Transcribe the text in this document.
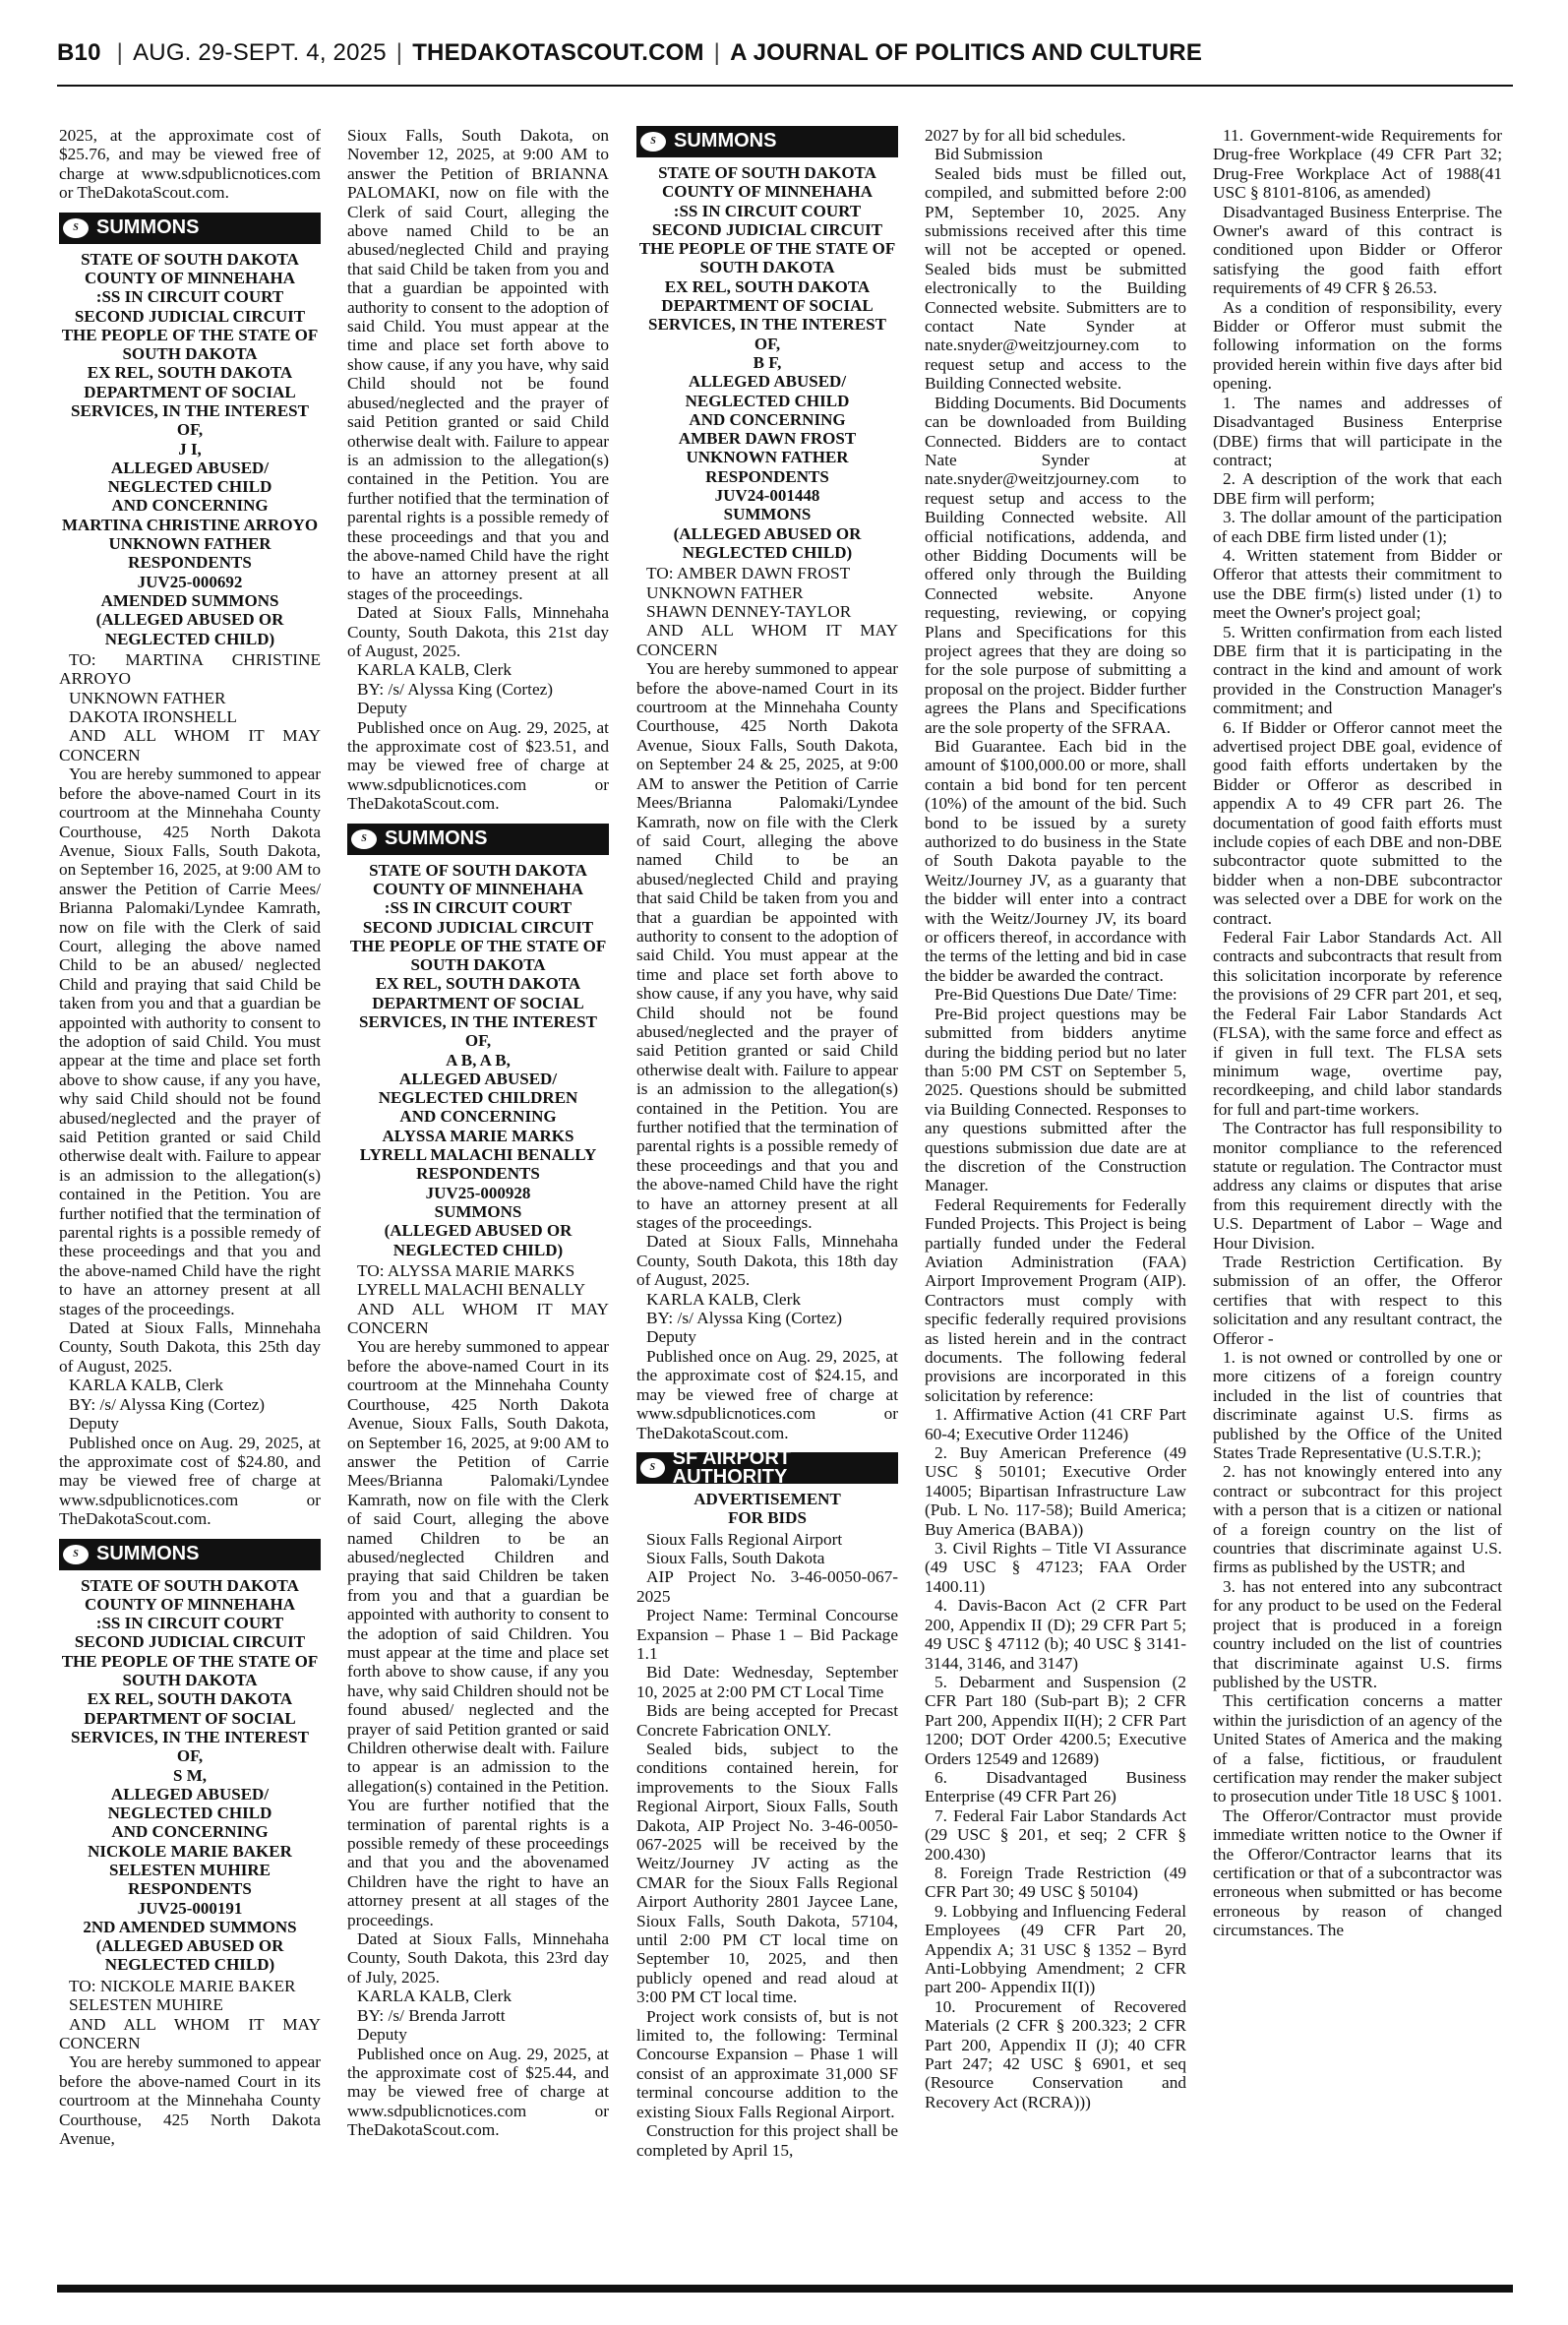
B10 | AUG. 29-SEPT. 4, 2025 | THEDAKOTASCOUT.COM | A JOURNAL OF POLITICS AND CULTURE

2025, at the approximate cost of $25.76, and may be viewed free of charge at www.sdpublicnotices.com or TheDakotaScout.com.

S SUMMONS
STATE OF SOUTH DAKOTA
COUNTY OF MINNEHAHA
:SS IN CIRCUIT COURT
SECOND JUDICIAL CIRCUIT
THE PEOPLE OF THE STATE OF SOUTH DAKOTA
EX REL, SOUTH DAKOTA DEPARTMENT OF SOCIAL SERVICES, IN THE INTEREST OF,
J I,
ALLEGED ABUSED/ NEGLECTED CHILD
AND CONCERNING
MARTINA CHRISTINE ARROYO
UNKNOWN FATHER
RESPONDENTS
JUV25-000692
AMENDED SUMMONS
(ALLEGED ABUSED OR NEGLECTED CHILD)

TO: MARTINA CHRISTINE ARROYO

UNKNOWN FATHER

DAKOTA IRONSHELL

AND ALL WHOM IT MAY CONCERN

You are hereby summoned to appear before the above-named Court in its courtroom at the Minnehaha County Courthouse, 425 North Dakota Avenue, Sioux Falls, South Dakota, on September 16, 2025, at 9:00 AM to answer the Petition of Carrie Mees/ Brianna Palomaki/Lyndee Kamrath, now on file with the Clerk of said Court, alleging the above named Child to be an abused/ neglected Child and praying that said Child be taken from you and that a guardian be appointed with authority to consent to the adoption of said Child. You must appear at the time and place set forth above to show cause, if any you have, why said Child should not be found abused/neglected and the prayer of said Petition granted or said Child otherwise dealt with. Failure to appear is an admission to the allegation(s) contained in the Petition. You are further notified that the termination of parental rights is a possible remedy of these proceedings and that you and the above-named Child have the right to have an attorney present at all stages of the proceedings.

Dated at Sioux Falls, Minnehaha County, South Dakota, this 25th day of August, 2025.

KARLA KALB, Clerk

BY: /s/ Alyssa King (Cortez)

Deputy

Published once on Aug. 29, 2025, at the approximate cost of $24.80, and may be viewed free of charge at www.sdpublicnotices.com or TheDakotaScout.com.

S SUMMONS
STATE OF SOUTH DAKOTA
COUNTY OF MINNEHAHA
:SS IN CIRCUIT COURT
SECOND JUDICIAL CIRCUIT
THE PEOPLE OF THE STATE OF SOUTH DAKOTA
EX REL, SOUTH DAKOTA DEPARTMENT OF SOCIAL SERVICES, IN THE INTEREST OF,
S M,
ALLEGED ABUSED/ NEGLECTED CHILD
AND CONCERNING
NICKOLE MARIE BAKER
SELESTEN MUHIRE
RESPONDENTS
JUV25-000191
2ND AMENDED SUMMONS
(ALLEGED ABUSED OR NEGLECTED CHILD)

TO: NICKOLE MARIE BAKER

SELESTEN MUHIRE

AND ALL WHOM IT MAY CONCERN

You are hereby summoned to appear before the above-named Court in its courtroom at the Minnehaha County Courthouse, 425 North Dakota Avenue,

Sioux Falls, South Dakota, on November 12, 2025, at 9:00 AM to answer the Petition of BRIANNA PALOMAKI, now on file with the Clerk of said Court, alleging the above named Child to be an abused/neglected Child and praying that said Child be taken from you and that a guardian be appointed with authority to consent to the adoption of said Child. You must appear at the time and place set forth above to show cause, if any you have, why said Child should not be found abused/neglected and the prayer of said Petition granted or said Child otherwise dealt with. Failure to appear is an admission to the allegation(s) contained in the Petition. You are further notified that the termination of parental rights is a possible remedy of these proceedings and that you and the above-named Child have the right to have an attorney present at all stages of the proceedings.

Dated at Sioux Falls, Minnehaha County, South Dakota, this 21st day of August, 2025.

KARLA KALB, Clerk

BY: /s/ Alyssa King (Cortez)

Deputy

Published once on Aug. 29, 2025, at the approximate cost of $23.51, and may be viewed free of charge at www.sdpublicnotices.com or TheDakotaScout.com.

S SUMMONS
STATE OF SOUTH DAKOTA
COUNTY OF MINNEHAHA
:SS IN CIRCUIT COURT
SECOND JUDICIAL CIRCUIT
THE PEOPLE OF THE STATE OF SOUTH DAKOTA
EX REL, SOUTH DAKOTA DEPARTMENT OF SOCIAL SERVICES, IN THE INTEREST OF,
A B, A B,
ALLEGED ABUSED/ NEGLECTED CHILDREN
AND CONCERNING
ALYSSA MARIE MARKS
LYRELL MALACHI BENALLY
RESPONDENTS
JUV25-000928
SUMMONS
(ALLEGED ABUSED OR NEGLECTED CHILD)

TO: ALYSSA MARIE MARKS

LYRELL MALACHI BENALLY

AND ALL WHOM IT MAY CONCERN

You are hereby summoned to appear before the above-named Court in its courtroom at the Minnehaha County Courthouse, 425 North Dakota Avenue, Sioux Falls, South Dakota, on September 16, 2025, at 9:00 AM to answer the Petition of Carrie Mees/Brianna Palomaki/Lyndee Kamrath, now on file with the Clerk of said Court, alleging the above named Children to be an abused/neglected Children and praying that said Children be taken from you and that a guardian be appointed with authority to consent to the adoption of said Children. You must appear at the time and place set forth above to show cause, if any you have, why said Children should not be found abused/ neglected and the prayer of said Petition granted or said Children otherwise dealt with. Failure to appear is an admission to the allegation(s) contained in the Petition. You are further notified that the termination of parental rights is a possible remedy of these proceedings and that you and the abovenamed Children have the right to have an attorney present at all stages of the proceedings.

Dated at Sioux Falls, Minnehaha County, South Dakota, this 23rd day of July, 2025.

KARLA KALB, Clerk

BY: /s/ Brenda Jarrott

Deputy

Published once on Aug. 29, 2025, at the approximate cost of $25.44, and may be viewed free of charge at www.sdpublicnotices.com or TheDakotaScout.com.

S SUMMONS
STATE OF SOUTH DAKOTA
COUNTY OF MINNEHAHA
:SS IN CIRCUIT COURT
SECOND JUDICIAL CIRCUIT
THE PEOPLE OF THE STATE OF SOUTH DAKOTA
EX REL, SOUTH DAKOTA DEPARTMENT OF SOCIAL SERVICES, IN THE INTEREST OF,
B F,
ALLEGED ABUSED/ NEGLECTED CHILD
AND CONCERNING
AMBER DAWN FROST
UNKNOWN FATHER
RESPONDENTS
JUV24-001448
SUMMONS
(ALLEGED ABUSED OR NEGLECTED CHILD)

TO: AMBER DAWN FROST

UNKNOWN FATHER

SHAWN DENNEY-TAYLOR

AND ALL WHOM IT MAY CONCERN

You are hereby summoned to appear before the above-named Court in its courtroom at the Minnehaha County Courthouse, 425 North Dakota Avenue, Sioux Falls, South Dakota, on September 24 & 25, 2025, at 9:00 AM to answer the Petition of Carrie Mees/Brianna Palomaki/Lyndee Kamrath, now on file with the Clerk of said Court, alleging the above named Child to be an abused/neglected Child and praying that said Child be taken from you and that a guardian be appointed with authority to consent to the adoption of said Child. You must appear at the time and place set forth above to show cause, if any you have, why said Child should not be found abused/neglected and the prayer of said Petition granted or said Child otherwise dealt with. Failure to appear is an admission to the allegation(s) contained in the Petition. You are further notified that the termination of parental rights is a possible remedy of these proceedings and that you and the above-named Child have the right to have an attorney present at all stages of the proceedings.

Dated at Sioux Falls, Minnehaha County, South Dakota, this 18th day of August, 2025.

KARLA KALB, Clerk

BY: /s/ Alyssa King (Cortez)

Deputy

Published once on Aug. 29, 2025, at the approximate cost of $24.15, and may be viewed free of charge at www.sdpublicnotices.com or TheDakotaScout.com.

S SF AIRPORT AUTHORITY
ADVERTISEMENT
FOR BIDS

Sioux Falls Regional Airport

Sioux Falls, South Dakota

AIP Project No. 3-46-0050-067-2025

Project Name: Terminal Concourse Expansion – Phase 1 – Bid Package 1.1

Bid Date: Wednesday, September 10, 2025 at 2:00 PM CT Local Time

Bids are being accepted for Precast Concrete Fabrication ONLY.

Sealed bids, subject to the conditions contained herein, for improvements to the Sioux Falls Regional Airport, Sioux Falls, South Dakota, AIP Project No. 3-46-0050-067-2025 will be received by the Weitz/Journey JV acting as the CMAR for the Sioux Falls Regional Airport Authority 2801 Jaycee Lane, Sioux Falls, South Dakota, 57104, until 2:00 PM CT local time on September 10, 2025, and then publicly opened and read aloud at 3:00 PM CT local time.

Project work consists of, but is not limited to, the following: Terminal Concourse Expansion – Phase 1 will consist of an approximate 31,000 SF terminal concourse addition to the existing Sioux Falls Regional Airport.

Construction for this project shall be completed by April 15,

2027 by for all bid schedules.

Bid Submission

Sealed bids must be filled out, compiled, and submitted before 2:00 PM, September 10, 2025. Any submissions received after this time will not be accepted or opened. Sealed bids must be submitted electronically to the Building Connected website. Submitters are to contact Nate Synder at nate.snyder@weitzjourney.com to request setup and access to the Building Connected website.

Bidding Documents. Bid Documents can be downloaded from Building Connected. Bidders are to contact Nate Synder at nate.snyder@weitzjourney.com to request setup and access to the Building Connected website. All official notifications, addenda, and other Bidding Documents will be offered only through the Building Connected website. Anyone requesting, reviewing, or copying Plans and Specifications for this project agrees that they are doing so for the sole purpose of submitting a proposal on the project. Bidder further agrees the Plans and Specifications are the sole property of the SFRAA.

Bid Guarantee. Each bid in the amount of $100,000.00 or more, shall contain a bid bond for ten percent (10%) of the amount of the bid. Such bond to be issued by a surety authorized to do business in the State of South Dakota payable to the Weitz/Journey JV, as a guaranty that the bidder will enter into a contract with the Weitz/Journey JV, its board or officers thereof, in accordance with the terms of the letting and bid in case the bidder be awarded the contract.

Pre-Bid Questions Due Date/ Time:

Pre-Bid project questions may be submitted from bidders anytime during the bidding period but no later than 5:00 PM CST on September 5, 2025. Questions should be submitted via Building Connected. Responses to any questions submitted after the questions submission due date are at the discretion of the Construction Manager.

Federal Requirements for Federally Funded Projects. This Project is being partially funded under the Federal Aviation Administration (FAA) Airport Improvement Program (AIP). Contractors must comply with specific federally required provisions as listed herein and in the contract documents. The following federal provisions are incorporated in this solicitation by reference:

1. Affirmative Action (41 CRF Part 60-4; Executive Order 11246)

2. Buy American Preference (49 USC § 50101; Executive Order 14005; Bipartisan Infrastructure Law (Pub. L No. 117-58); Build America; Buy America (BABA))

3. Civil Rights – Title VI Assurance (49 USC § 47123; FAA Order 1400.11)

4. Davis-Bacon Act (2 CFR Part 200, Appendix II (D); 29 CFR Part 5; 49 USC § 47112 (b); 40 USC § 3141-3144, 3146, and 3147)

5. Debarment and Suspension (2 CFR Part 180 (Sub-part B); 2 CFR Part 200, Appendix II(H); 2 CFR Part 1200; DOT Order 4200.5; Executive Orders 12549 and 12689)

6. Disadvantaged Business Enterprise (49 CFR Part 26)

7. Federal Fair Labor Standards Act (29 USC § 201, et seq; 2 CFR § 200.430)

8. Foreign Trade Restriction (49 CFR Part 30; 49 USC § 50104)

9. Lobbying and Influencing Federal Employees (49 CFR Part 20, Appendix A; 31 USC § 1352 – Byrd Anti-Lobbying Amendment; 2 CFR part 200- Appendix II(I))

10. Procurement of Recovered Materials (2 CFR § 200.323; 2 CFR Part 200, Appendix II (J); 40 CFR Part 247; 42 USC § 6901, et seq (Resource Conservation and Recovery Act (RCRA)))

11. Government-wide Requirements for Drug-free Workplace (49 CFR Part 32; Drug-Free Workplace Act of 1988(41 USC § 8101-8106, as amended)

Disadvantaged Business Enterprise. The Owner's award of this contract is conditioned upon Bidder or Offeror satisfying the good faith effort requirements of 49 CFR § 26.53.

As a condition of responsibility, every Bidder or Offeror must submit the following information on the forms provided herein within five days after bid opening.

1. The names and addresses of Disadvantaged Business Enterprise (DBE) firms that will participate in the contract;

2. A description of the work that each DBE firm will perform;

3. The dollar amount of the participation of each DBE firm listed under (1);

4. Written statement from Bidder or Offeror that attests their commitment to use the DBE firm(s) listed under (1) to meet the Owner's project goal;

5. Written confirmation from each listed DBE firm that it is participating in the contract in the kind and amount of work provided in the Construction Manager's commitment; and

6. If Bidder or Offeror cannot meet the advertised project DBE goal, evidence of good faith efforts undertaken by the Bidder or Offeror as described in appendix A to 49 CFR part 26. The documentation of good faith efforts must include copies of each DBE and non-DBE subcontractor quote submitted to the bidder when a non-DBE subcontractor was selected over a DBE for work on the contract.

Federal Fair Labor Standards Act. All contracts and subcontracts that result from this solicitation incorporate by reference the provisions of 29 CFR part 201, et seq, the Federal Fair Labor Standards Act (FLSA), with the same force and effect as if given in full text. The FLSA sets minimum wage, overtime pay, recordkeeping, and child labor standards for full and part-time workers.

The Contractor has full responsibility to monitor compliance to the referenced statute or regulation. The Contractor must address any claims or disputes that arise from this requirement directly with the U.S. Department of Labor – Wage and Hour Division.

Trade Restriction Certification. By submission of an offer, the Offeror certifies that with respect to this solicitation and any resultant contract, the Offeror -

1. is not owned or controlled by one or more citizens of a foreign country included in the list of countries that discriminate against U.S. firms as published by the Office of the United States Trade Representative (U.S.T.R.);

2. has not knowingly entered into any contract or subcontract for this project with a person that is a citizen or national of a foreign country on the list of countries that discriminate against U.S. firms as published by the USTR; and

3. has not entered into any subcontract for any product to be used on the Federal project that is produced in a foreign country included on the list of countries that discriminate against U.S. firms published by the USTR.

This certification concerns a matter within the jurisdiction of an agency of the United States of America and the making of a false, fictitious, or fraudulent certification may render the maker subject to prosecution under Title 18 USC § 1001.

The Offeror/Contractor must provide immediate written notice to the Owner if the Offeror/Contractor learns that its certification or that of a subcontractor was erroneous when submitted or has become erroneous by reason of changed circumstances. The
